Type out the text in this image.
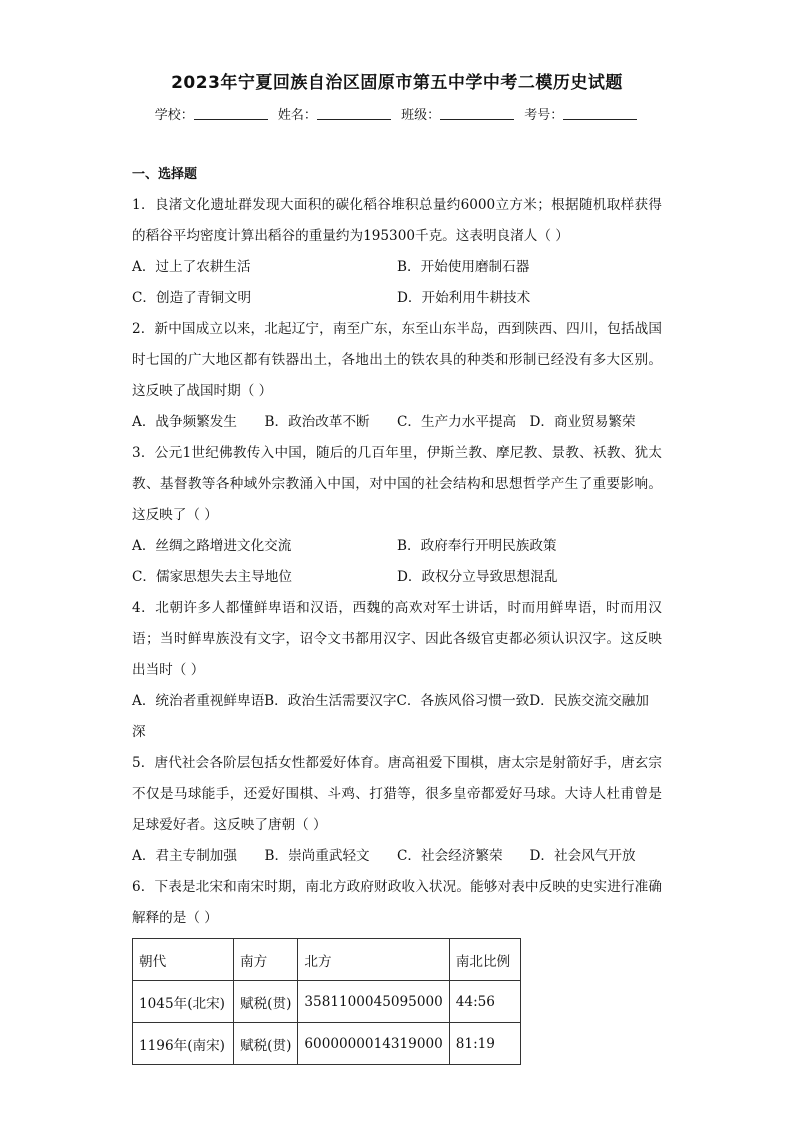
2023年宁夏回族自治区固原市第五中学中考二模历史试题
学校：	姓名：	班级：	考号：
一、选择题
1．良渚文化遗址群发现大面积的碳化稻谷堆积总量约6000立方米；根据随机取样获得的稻谷平均密度计算出稻谷的重量约为195300千克。这表明良渚人（ ）
A．过上了农耕生活	B．开始使用磨制石器
C．创造了青铜文明	D．开始利用牛耕技术
2．新中国成立以来，北起辽宁，南至广东，东至山东半岛，西到陕西、四川，包括战国时七国的广大地区都有铁器出土，各地出土的铁农具的种类和形制已经没有多大区别。这反映了战国时期（ ）
A．战争频繁发生	B．政治改革不断	C．生产力水平提高 D．商业贸易繁荣
3．公元1世纪佛教传入中国，随后的几百年里，伊斯兰教、摩尼教、景教、袄教、犹太教、基督教等各种域外宗教涌入中国，对中国的社会结构和思想哲学产生了重要影响。这反映了（ ）
A．丝绸之路增进文化交流	B．政府奉行开明民族政策
C．儒家思想失去主导地位	D．政权分立导致思想混乱
4．北朝许多人都懂鲜卑语和汉语，西魏的高欢对军士讲话，时而用鲜卑语，时而用汉语；当时鲜卑族没有文字，诏令文书都用汉字、因此各级官吏都必须认识汉字。这反映出当时（ ）
A．统治者重视鲜卑语B．政治生活需要汉字C．各族风俗习惯一致D．民族交流交融加深
5．唐代社会各阶层包括女性都爱好体育。唐高祖爱下围棋，唐太宗是射箭好手，唐玄宗不仅是马球能手，还爱好围棋、斗鸡、打猎等，很多皇帝都爱好马球。大诗人杜甫曾是足球爱好者。这反映了唐朝（ ）
A．君主专制加强	B．崇尚重武轻文	C．社会经济繁荣	D．社会风气开放
6．下表是北宋和南宋时期，南北方政府财政收入状况。能够对表中反映的史实进行准确解释的是（ ）
朝代	南方	北方	南北比例
1045年(北宋)	赋税(贯)	3581100045095000	44:56
1196年(南宋)	赋税(贯)	6000000014319000	81:19
